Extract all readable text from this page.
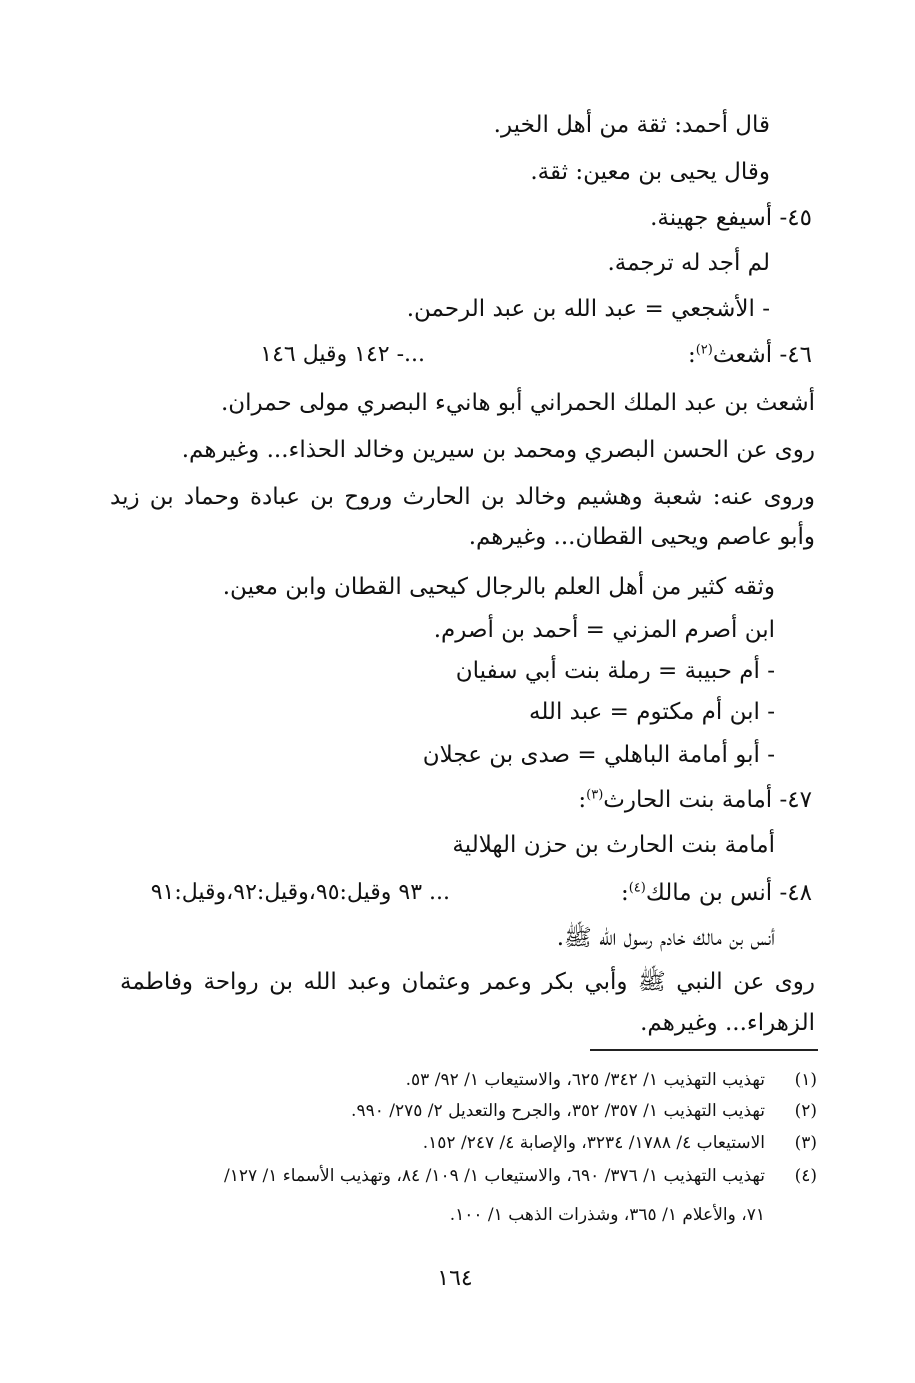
قال أحمد: ثقة من أهل الخير.
وقال يحيى بن معين: ثقة.
٤٥- أسيفع جهينة.
لم أجد له ترجمة.
- الأشجعي = عبد الله بن عبد الرحمن.
٤٦- أشعث$^{(٢)}$:
...- ١٤٢ وقيل ١٤٦
أشعث بن عبد الملك الحمراني أبو هانيء البصري مولى حمران.
روى عن الحسن البصري ومحمد بن سيرين وخالد الحذاء... وغيرهم.
وروى عنه: شعبة وهشيم وخالد بن الحارث وروح بن عبادة وحماد بن زيد
وأبو عاصم ويحيى القطان... وغيرهم.
وثقه كثير من أهل العلم بالرجال كيحيى القطان وابن معين.
ابن أصرم المزني = أحمد بن أصرم.
- أم حبيبة = رملة بنت أبي سفيان
- ابن أم مكتوم = عبد الله
- أبو أمامة الباهلي = صدى بن عجلان
٤٧- أمامة بنت الحارث$^{(٣)}$:
أمامة بنت الحارث بن حزن الهلالية
٤٨- أنس بن مالك$^{(٤)}$:
... ٩٣ وقيل:٩٥،وقيل:٩٢،وقيل:٩١
أنس بن مالك خادم رسول الله ﷺ.
روى عن النبي ﷺ وأبي بكر وعمر وعثمان وعبد الله بن رواحة وفاطمة
الزهراء... وغيرهم.
(١)
تهذيب التهذيب ١/ ٣٤٢/ ٦٢٥، والاستيعاب ١/ ٩٢/ ٥٣.
(٢)
تهذيب التهذيب ١/ ٣٥٧/ ٣٥٢، والجرح والتعديل ٢/ ٢٧٥/ ٩٩٠.
(٣)
الاستيعاب ٤/ ١٧٨٨/ ٣٢٣٤، والإصابة ٤/ ٢٤٧/ ١٥٢.
(٤)
تهذيب التهذيب ١/ ٣٧٦/ ٦٩٠، والاستيعاب ١/ ١٠٩/ ٨٤، وتهذيب الأسماء ١/ ١٢٧/
٧١، والأعلام ١/ ٣٦٥، وشذرات الذهب ١/ ١٠٠.
١٦٤
